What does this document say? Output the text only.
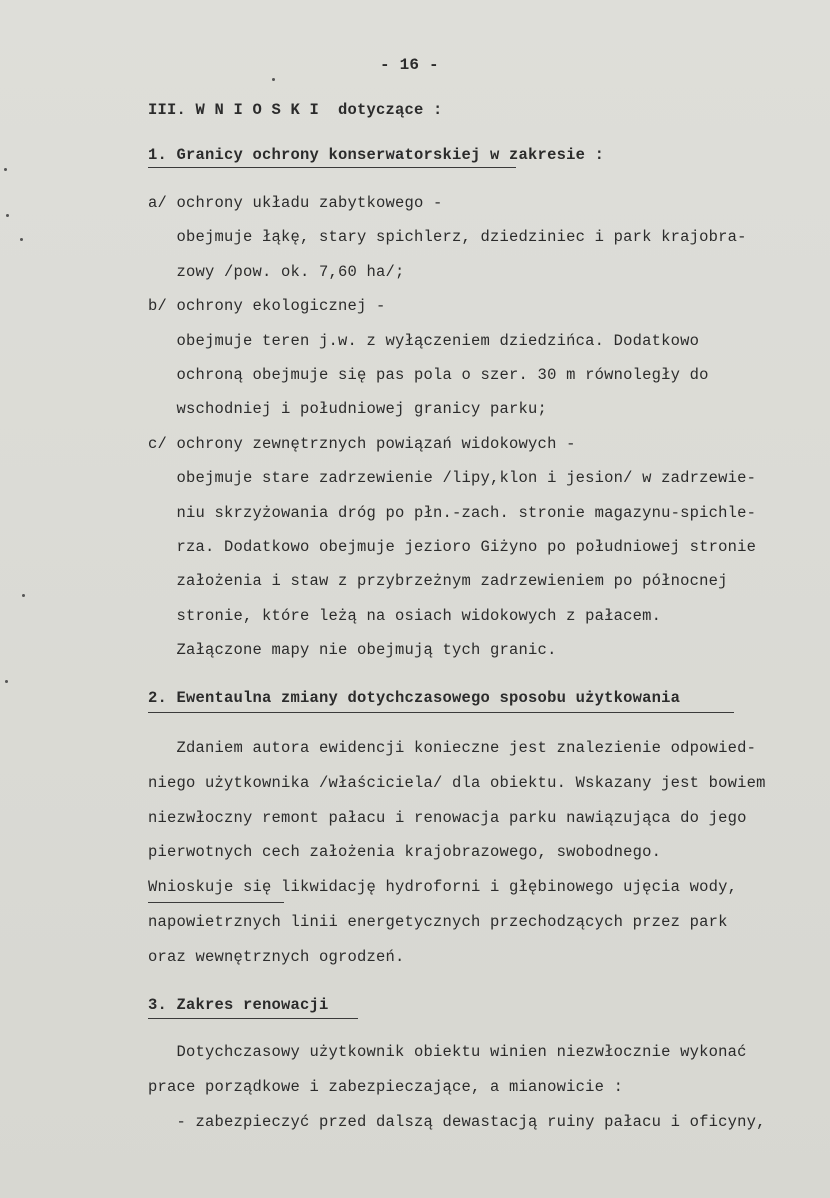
- 16 -
III. W N I O S K I  dotyczące :
1. Granicy ochrony konserwatorskiej w zakresie :
a/ ochrony układu zabytkowego -
obejmuje łąkę, stary spichlerz, dziedziniec i park krajobra-
zowy /pow. ok. 7,60 ha/;
b/ ochrony ekologicznej -
obejmuje teren j.w. z wyłączeniem dziedzińca. Dodatkowo
ochroną obejmuje się pas pola o szer. 30 m równoległy do
wschodniej i południowej granicy parku;
c/ ochrony zewnętrznych powiązań widokowych -
obejmuje stare zadrzewienie /lipy,klon i jesion/ w zadrzewie-
niu skrzyżowania dróg po płn.-zach. stronie magazynu-spichle-
rza. Dodatkowo obejmuje jezioro Giżyno po południowej stronie
założenia i staw z przybrzeżnym zadrzewieniem po północnej
stronie, które leżą na osiach widokowych z pałacem.
Załączone mapy nie obejmują tych granic.
2. Ewentaulna zmiany dotychczasowego sposobu użytkowania
Zdaniem autora ewidencji konieczne jest znalezienie odpowied-
niego użytkownika /właściciela/ dla obiektu. Wskazany jest bowiem
niezwłoczny remont pałacu i renowacja parku nawiązująca do jego
pierwotnych cech założenia krajobrazowego, swobodnego.
Wnioskuje się likwidację hydroforni i głębinowego ujęcia wody,
napowietrznych linii energetycznych przechodzących przez park
oraz wewnętrznych ogrodzeń.
3. Zakres renowacji
Dotychczasowy użytkownik obiektu winien niezwłocznie wykonać
prace porządkowe i zabezpieczające, a mianowicie :
- zabezpieczyć przed dalszą dewastacją ruiny pałacu i oficyny,
